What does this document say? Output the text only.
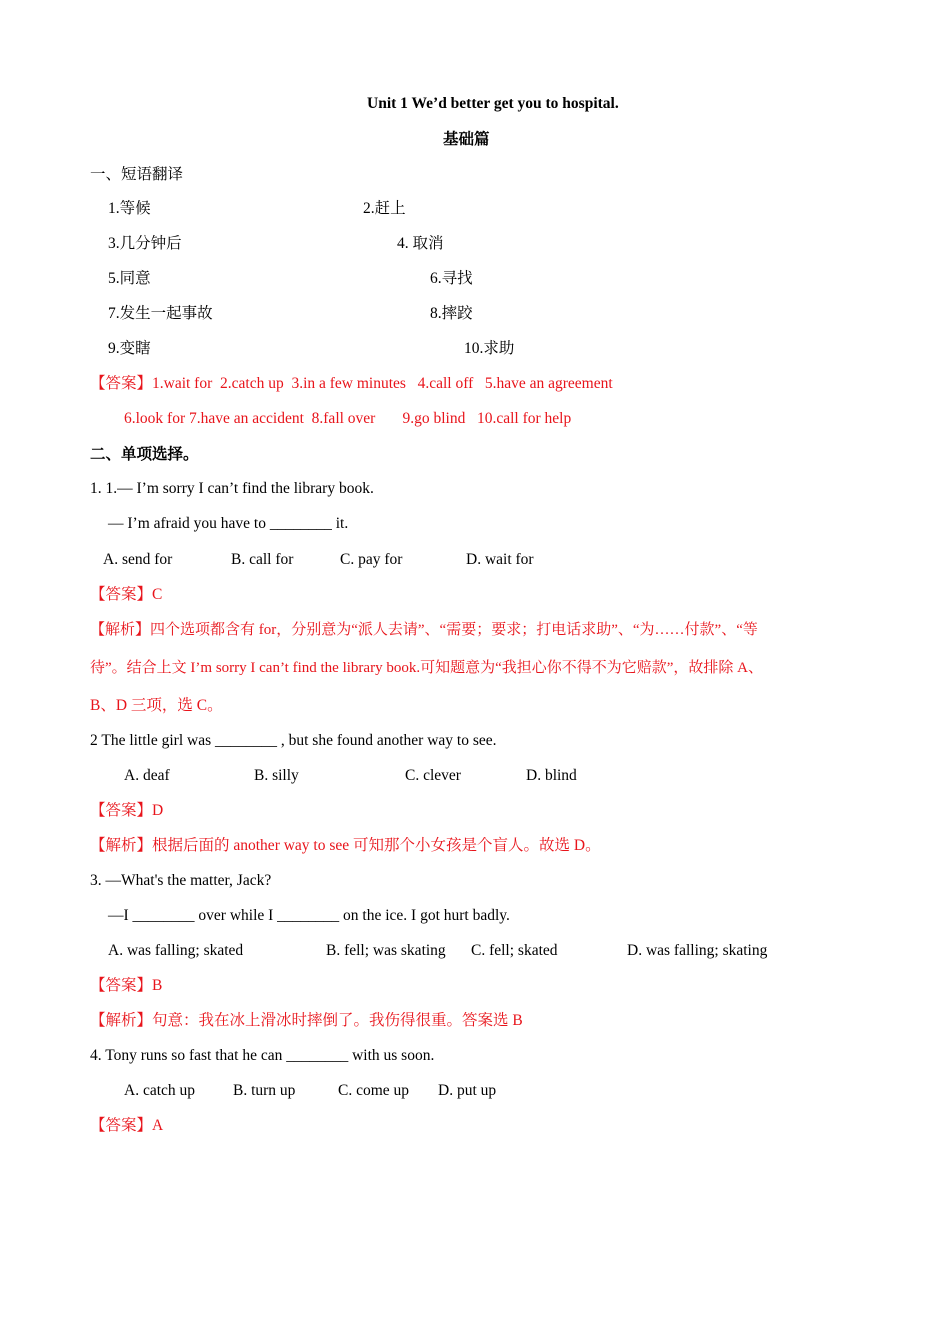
Unit 1 We’d better get you to hospital.
基础篇
一、短语翻译
1.等候	2.赶上
3.几分钟后	4. 取消
5.同意	6.寻找
7.发生一起事故	8.摔跤
9.变瞎	10.求助
【答案】1.wait for  2.catch up  3.in a few minutes   4.call off   5.have an agreement
6.look for 7.have an accident  8.fall over       9.go blind   10.call for help
二、单项选择。
1. 1.— I’m sorry I can’t find the library book.
— I’m afraid you have to ________ it.
A. send for	B. call for	C. pay for	D. wait for
【答案】C
【解析】四个选项都含有 for，分别意为“派人去请”、“需要；要求；打电话求助”、“为……付款”、“等
待”。结合上文 I’m sorry I can’t find the library book.可知题意为“我担心你不得不为它赔款”，故排除 A、
B、D 三项，选 C。
2 The little girl was ________ , but she found another way to see.
A. deaf	B. silly	C. clever	D. blind
【答案】D
【解析】根据后面的 another way to see 可知那个小女孩是个盲人。故选 D。
3. —What's the matter, Jack?
—I ________ over while I ________ on the ice. I got hurt badly.
A. was falling; skated	B. fell; was skating C. fell; skated	D. was falling; skating
【答案】B
【解析】句意：我在冰上滑冰时摔倒了。我伤得很重。答案选 B
4. Tony runs so fast that he can ________ with us soon.
A. catch up B. turn up	C. come up D. put up
【答案】A
